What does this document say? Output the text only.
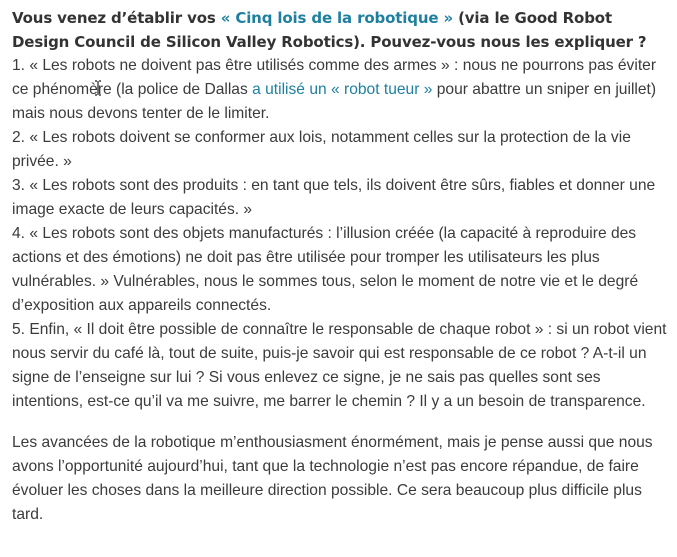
Vous venez d’établir vos « Cinq lois de la robotique » (via le Good Robot Design Council de Silicon Valley Robotics). Pouvez-vous nous les expliquer ?

1. « Les robots ne doivent pas être utilisés comme des armes » : nous ne pourrons pas éviter ce phénomè
re (la police de Dallas a utilisé un « robot tueur » pour abattre un sniper en juillet) mais nous devons tenter de le limiter.

2. « Les robots doivent se conformer aux lois, notamment celles sur la protection de la vie privée. »

3. « Les robots sont des produits : en tant que tels, ils doivent être sûrs, fiables et donner une image exacte de leurs capacités. »

4. « Les robots sont des objets manufacturés : l’illusion créée (la capacité à reproduire des actions et des émotions) ne doit pas être utilisée pour tromper les utilisateurs les plus vulnérables. » Vulnérables, nous le sommes tous, selon le moment de notre vie et le degré d’exposition aux appareils connectés.

5. Enfin, « Il doit être possible de connaître le responsable de chaque robot » : si un robot vient nous servir du café là, tout de suite, puis-je savoir qui est responsable de ce robot ? A-t-il un signe de l’enseigne sur lui ? Si vous enlevez ce signe, je ne sais pas quelles sont ses intentions, est-ce qu’il va me suivre, me barrer le chemin ? Il y a un besoin de transparence.

Les avancées de la robotique m’enthousiasment énormément, mais je pense aussi que nous avons l’opportunité aujourd’hui, tant que la technologie n’est pas encore répandue, de faire évoluer les choses dans la meilleure direction possible. Ce sera beaucoup plus difficile plus tard.
